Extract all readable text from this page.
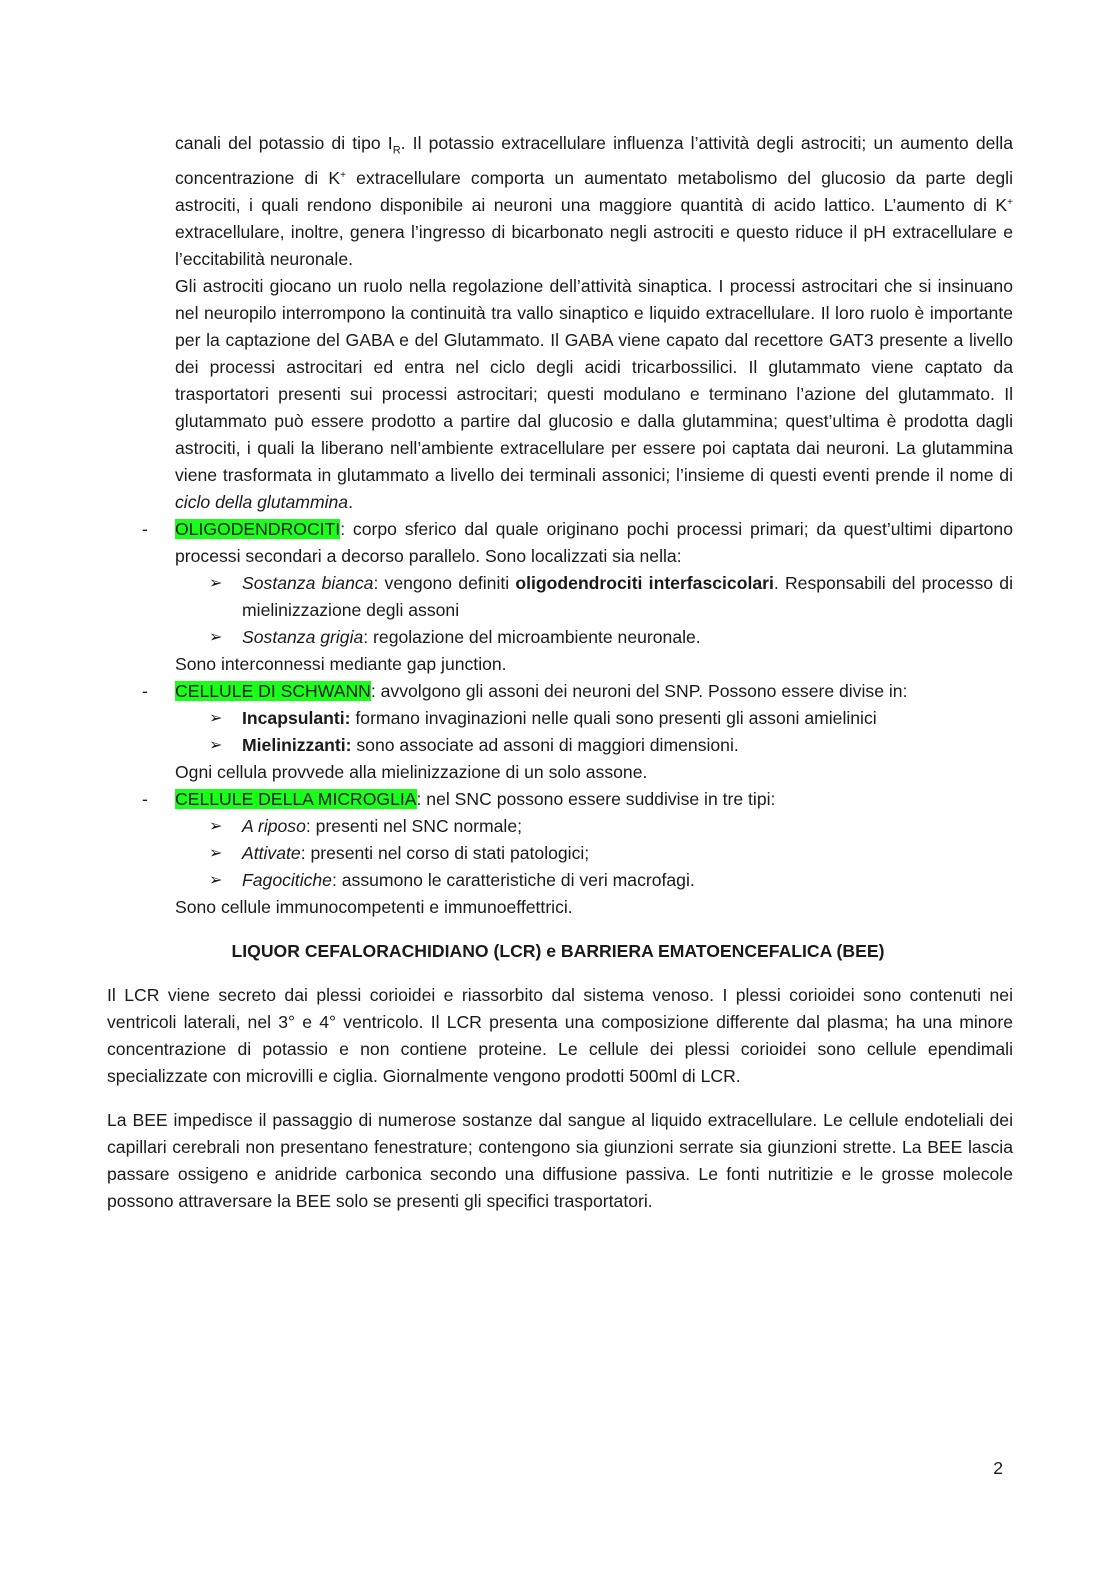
canali del potassio di tipo $I_R$. Il potassio extracellulare influenza l’attività degli astrociti; un aumento della concentrazione di K+ extracellulare comporta un aumentato metabolismo del glucosio da parte degli astrociti, i quali rendono disponibile ai neuroni una maggiore quantità di acido lattico. L’aumento di K+ extracellulare, inoltre, genera l’ingresso di bicarbonato negli astrociti e questo riduce il pH extracellulare e l’eccitabilità neuronale.

Gli astrociti giocano un ruolo nella regolazione dell’attività sinaptica. I processi astrocitari che si insinuano nel neuropilo interrompono la continuità tra vallo sinaptico e liquido extracellulare. Il loro ruolo è importante per la captazione del GABA e del Glutammato. Il GABA viene capato dal recettore GAT3 presente a livello dei processi astrocitari ed entra nel ciclo degli acidi tricarbossilici. Il glutammato viene captato da trasportatori presenti sui processi astrocitari; questi modulano e terminano l’azione del glutammato. Il glutammato può essere prodotto a partire dal glucosio e dalla glutammina; quest’ultima è prodotta dagli astrociti, i quali la liberano nell’ambiente extracellulare per essere poi captata dai neuroni. La glutammina viene trasformata in glutammato a livello dei terminali assonici; l’insieme di questi eventi prende il nome di ciclo della glutammina.

- OLIGODENDROCITI: corpo sferico dal quale originano pochi processi primari; da quest’ultimi dipartono processi secondari a decorso parallelo. Sono localizzati sia nella:

➢ Sostanza bianca: vengono definiti oligodendrociti interfascicolari. Responsabili del processo di mielinizzazione degli assoni

➢ Sostanza grigia: regolazione del microambiente neuronale.

Sono interconnessi mediante gap junction.

- CELLULE DI SCHWANN: avvolgono gli assoni dei neuroni del SNP. Possono essere divise in:

➢ Incapsulanti: formano invaginazioni nelle quali sono presenti gli assoni amielinici

➢ Mielinizzanti: sono associate ad assoni di maggiori dimensioni.

Ogni cellula provvede alla mielinizzazione di un solo assone.

- CELLULE DELLA MICROGLIA: nel SNC possono essere suddivise in tre tipi:

➢ A riposo: presenti nel SNC normale;

➢ Attivate: presenti nel corso di stati patologici;

➢ Fagocitiche: assumono le caratteristiche di veri macrofagi.

Sono cellule immunocompetenti e immunoeffettrici.

LIQUOR CEFALORACHIDIANO (LCR) e BARRIERA EMATOENCEFALICA (BEE)

Il LCR viene secreto dai plessi corioidei e riassorbito dal sistema venoso. I plessi corioidei sono contenuti nei ventricoli laterali, nel 3° e 4° ventricolo. Il LCR presenta una composizione differente dal plasma; ha una minore concentrazione di potassio e non contiene proteine. Le cellule dei plessi corioidei sono cellule ependimali specializzate con microvilli e ciglia. Giornalmente vengono prodotti 500ml di LCR.

La BEE impedisce il passaggio di numerose sostanze dal sangue al liquido extracellulare. Le cellule endoteliali dei capillari cerebrali non presentano fenestrature; contengono sia giunzioni serrate sia giunzioni strette. La BEE lascia passare ossigeno e anidride carbonica secondo una diffusione passiva. Le fonti nutritizie e le grosse molecole possono attraversare la BEE solo se presenti gli specifici trasportatori.

2
